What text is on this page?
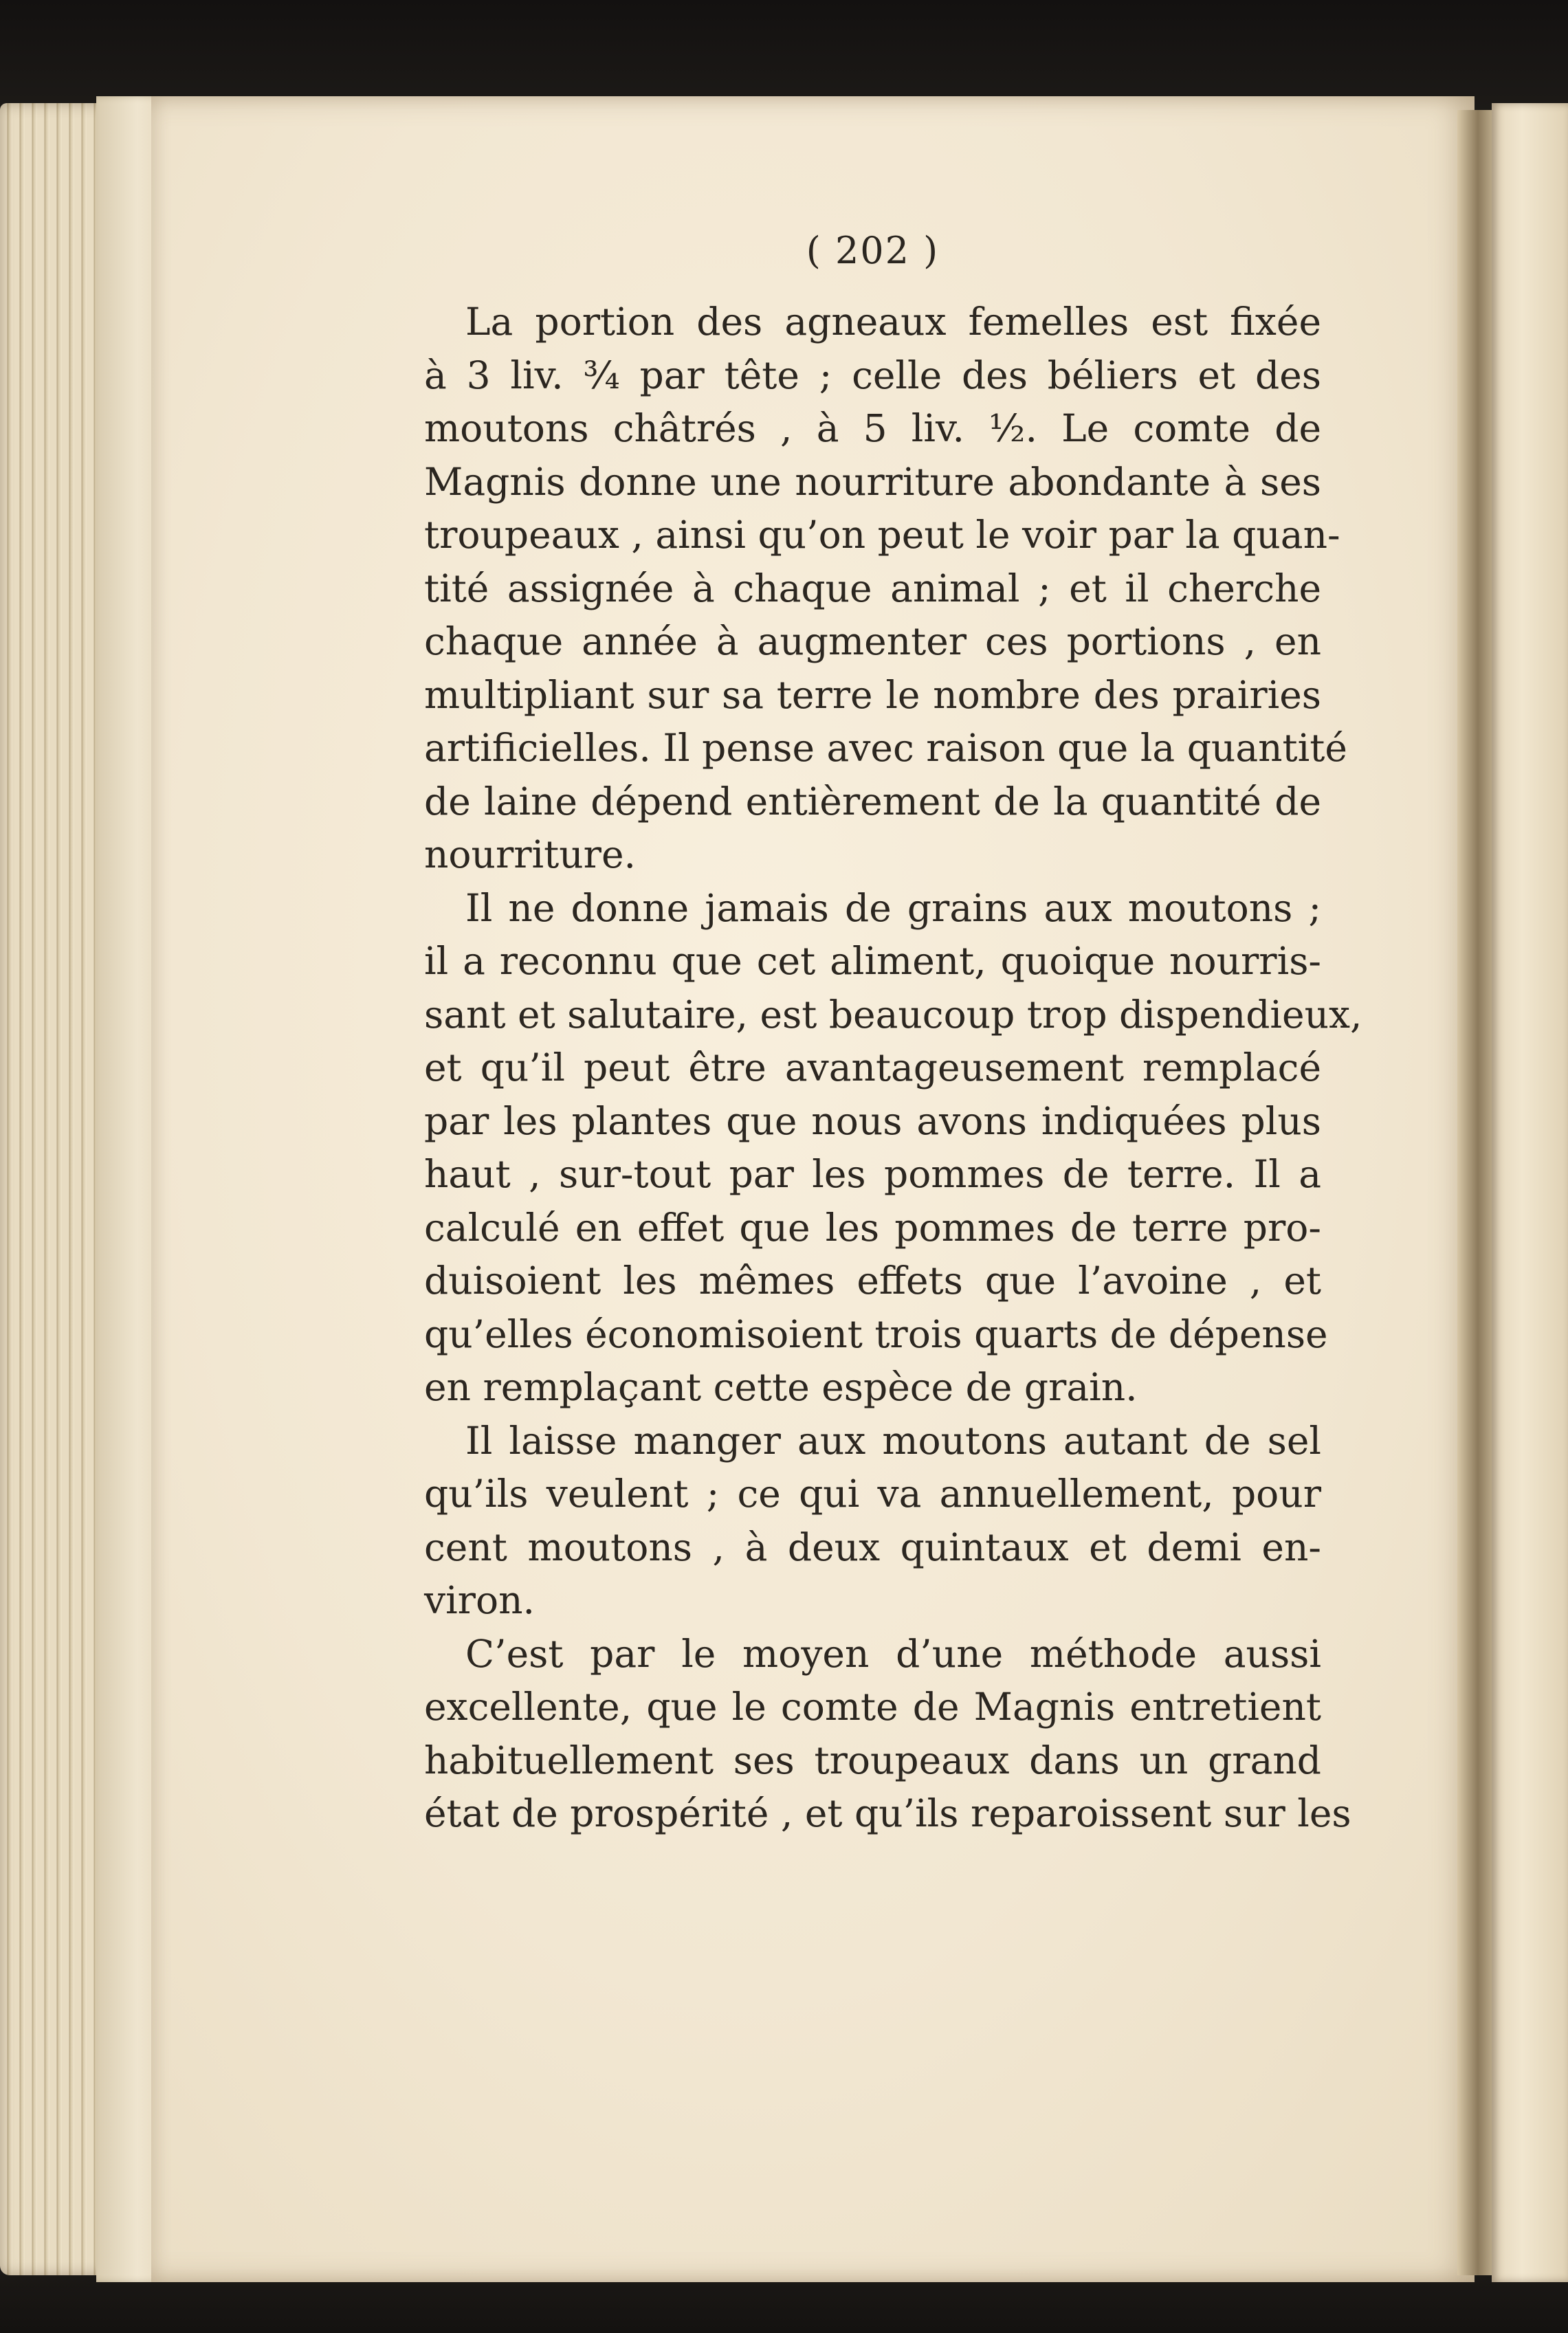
( 202 )
La portion des agneaux femelles est fixée
à 3 liv. ¾ par tête ; celle des béliers et des
moutons châtrés , à 5 liv. ½. Le comte de
Magnis donne une nourriture abondante à ses
troupeaux , ainsi qu’on peut le voir par la quan-
tité assignée à chaque animal ; et il cherche
chaque année à augmenter ces portions , en
multipliant sur sa terre le nombre des prairies
artificielles. Il pense avec raison que la quantité
de laine dépend entièrement de la quantité de
nourriture.
Il ne donne jamais de grains aux moutons ;
il a reconnu que cet aliment, quoique nourris-
sant et salutaire, est beaucoup trop dispendieux,
et qu’il peut être avantageusement remplacé
par les plantes que nous avons indiquées plus
haut , sur-tout par les pommes de terre. Il a
calculé en effet que les pommes de terre pro-
duisoient les mêmes effets que l’avoine , et
qu’elles économisoient trois quarts de dépense
en remplaçant cette espèce de grain.
Il laisse manger aux moutons autant de sel
qu’ils veulent ; ce qui va annuellement, pour
cent moutons , à deux quintaux et demi en-
viron.
C’est par le moyen d’une méthode aussi
excellente, que le comte de Magnis entretient
habituellement ses troupeaux dans un grand
état de prospérité , et qu’ils reparoissent sur les
